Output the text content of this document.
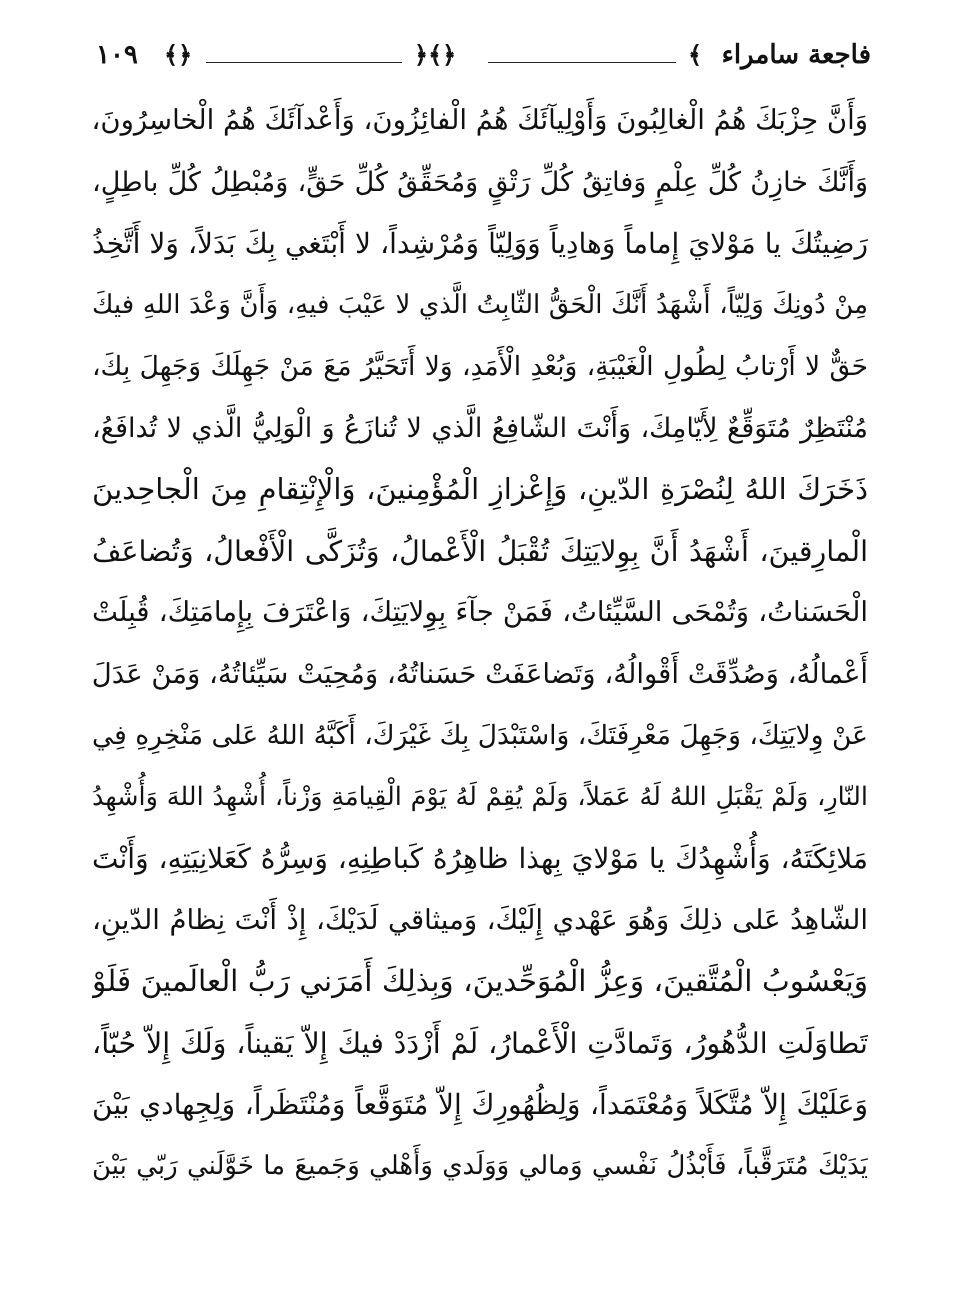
١٠٩ ﴾﴿	﴿﴾﴿	﴾ فاجعة سامراء
وَأَنَّ حِزْبَكَ هُمُ الْغالِبُونَ وَأَوْلِيآئَكَ هُمُ الْفائِزُونَ، وَأَعْدآئَكَ هُمُ الْخاسِرُونَ،
وَأَنَّكَ خازِنُ كُلِّ عِلْمٍ وَفاتِقُ كُلِّ رَتْقٍ وَمُحَقِّقُ كُلِّ حَقٍّ، وَمُبْطِلُ كُلِّ باطِلٍ،
رَضِيتُكَ يا مَوْلايَ إِماماً وَهادِياً وَوَلِيّاً وَمُرْشِداً، لا أَبْتَغي بِكَ بَدَلاً، وَلا أَتَّخِذُ
مِنْ دُونِكَ وَلِيّاً، أَشْهَدُ أَنَّكَ الْحَقُّ الثّابِتُ الَّذي لا عَيْبَ فيهِ، وَأَنَّ وَعْدَ اللهِ فيكَ
حَقٌّ لا أَرْتابُ لِطُولِ الْغَيْبَةِ، وَبُعْدِ الْأَمَدِ، وَلا أَتَحَيَّرُ مَعَ مَنْ جَهِلَكَ وَجَهِلَ بِكَ،
مُنْتَظِرٌ مُتَوَقِّعٌ لِأَيّامِكَ، وَأَنْتَ الشّافِعُ الَّذي لا تُنازَعُ وَ الْوَلِيُّ الَّذي لا تُدافَعُ،
ذَخَرَكَ اللهُ لِنُصْرَةِ الدّينِ، وَإِعْزازِ الْمُؤْمِنينَ، وَالْإِنْتِقامِ مِنَ الْجاحِدينَ
الْمارِقينَ، أَشْهَدُ أَنَّ بِوِلايَتِكَ تُقْبَلُ الْأَعْمالُ، وَتُزَكَّى الْأَفْعالُ، وَتُضاعَفُ
الْحَسَناتُ، وَتُمْحَى السَّيِّئاتُ، فَمَنْ جآءَ بِوِلايَتِكَ، وَاعْتَرَفَ بِإِمامَتِكَ، قُبِلَتْ
أَعْمالُهُ، وَصُدِّقَتْ أَقْوالُهُ، وَتَضاعَفَتْ حَسَناتُهُ، وَمُحِيَتْ سَيِّئاتُهُ، وَمَنْ عَدَلَ
عَنْ وِلايَتِكَ، وَجَهِلَ مَعْرِفَتَكَ، وَاسْتَبْدَلَ بِكَ غَيْرَكَ، أَكَبَّهُ اللهُ عَلى مَنْخِرِهِ فِي
النّارِ، وَلَمْ يَقْبَلِ اللهُ لَهُ عَمَلاً، وَلَمْ يُقِمْ لَهُ يَوْمَ الْقِيامَةِ وَزْناً، أُشْهِدُ اللهَ وَأُشْهِدُ
مَلائِكَتَهُ، وَأُشْهِدُكَ يا مَوْلايَ بِهذا ظاهِرُهُ كَباطِنِهِ، وَسِرُّهُ كَعَلانِيَتِهِ، وَأَنْتَ
الشّاهِدُ عَلى ذلِكَ وَهُوَ عَهْدي إِلَيْكَ، وَميثاقي لَدَيْكَ، إِذْ أَنْتَ نِظامُ الدّينِ،
وَيَعْسُوبُ الْمُتَّقينَ، وَعِزُّ الْمُوَحِّدينَ، وَبِذلِكَ أَمَرَني رَبُّ الْعالَمينَ فَلَوْ
تَطاوَلَتِ الدُّهُورُ، وَتَمادَّتِ الْأَعْمارُ، لَمْ أَزْدَدْ فيكَ إِلاّ يَقيناً، وَلَكَ إِلاّ حُبّاً،
وَعَلَيْكَ إِلاّ مُتَّكَلاً وَمُعْتَمَداً، وَلِظُهُورِكَ إِلاّ مُتَوَقَّعاً وَمُنْتَظَراً، وَلِجِهادي بَيْنَ
يَدَيْكَ مُتَرَقَّباً، فَأَبْذُلُ نَفْسي وَمالي وَوَلَدي وَأَهْلي وَجَميعَ ما خَوَّلَني رَبّي بَيْنَ
